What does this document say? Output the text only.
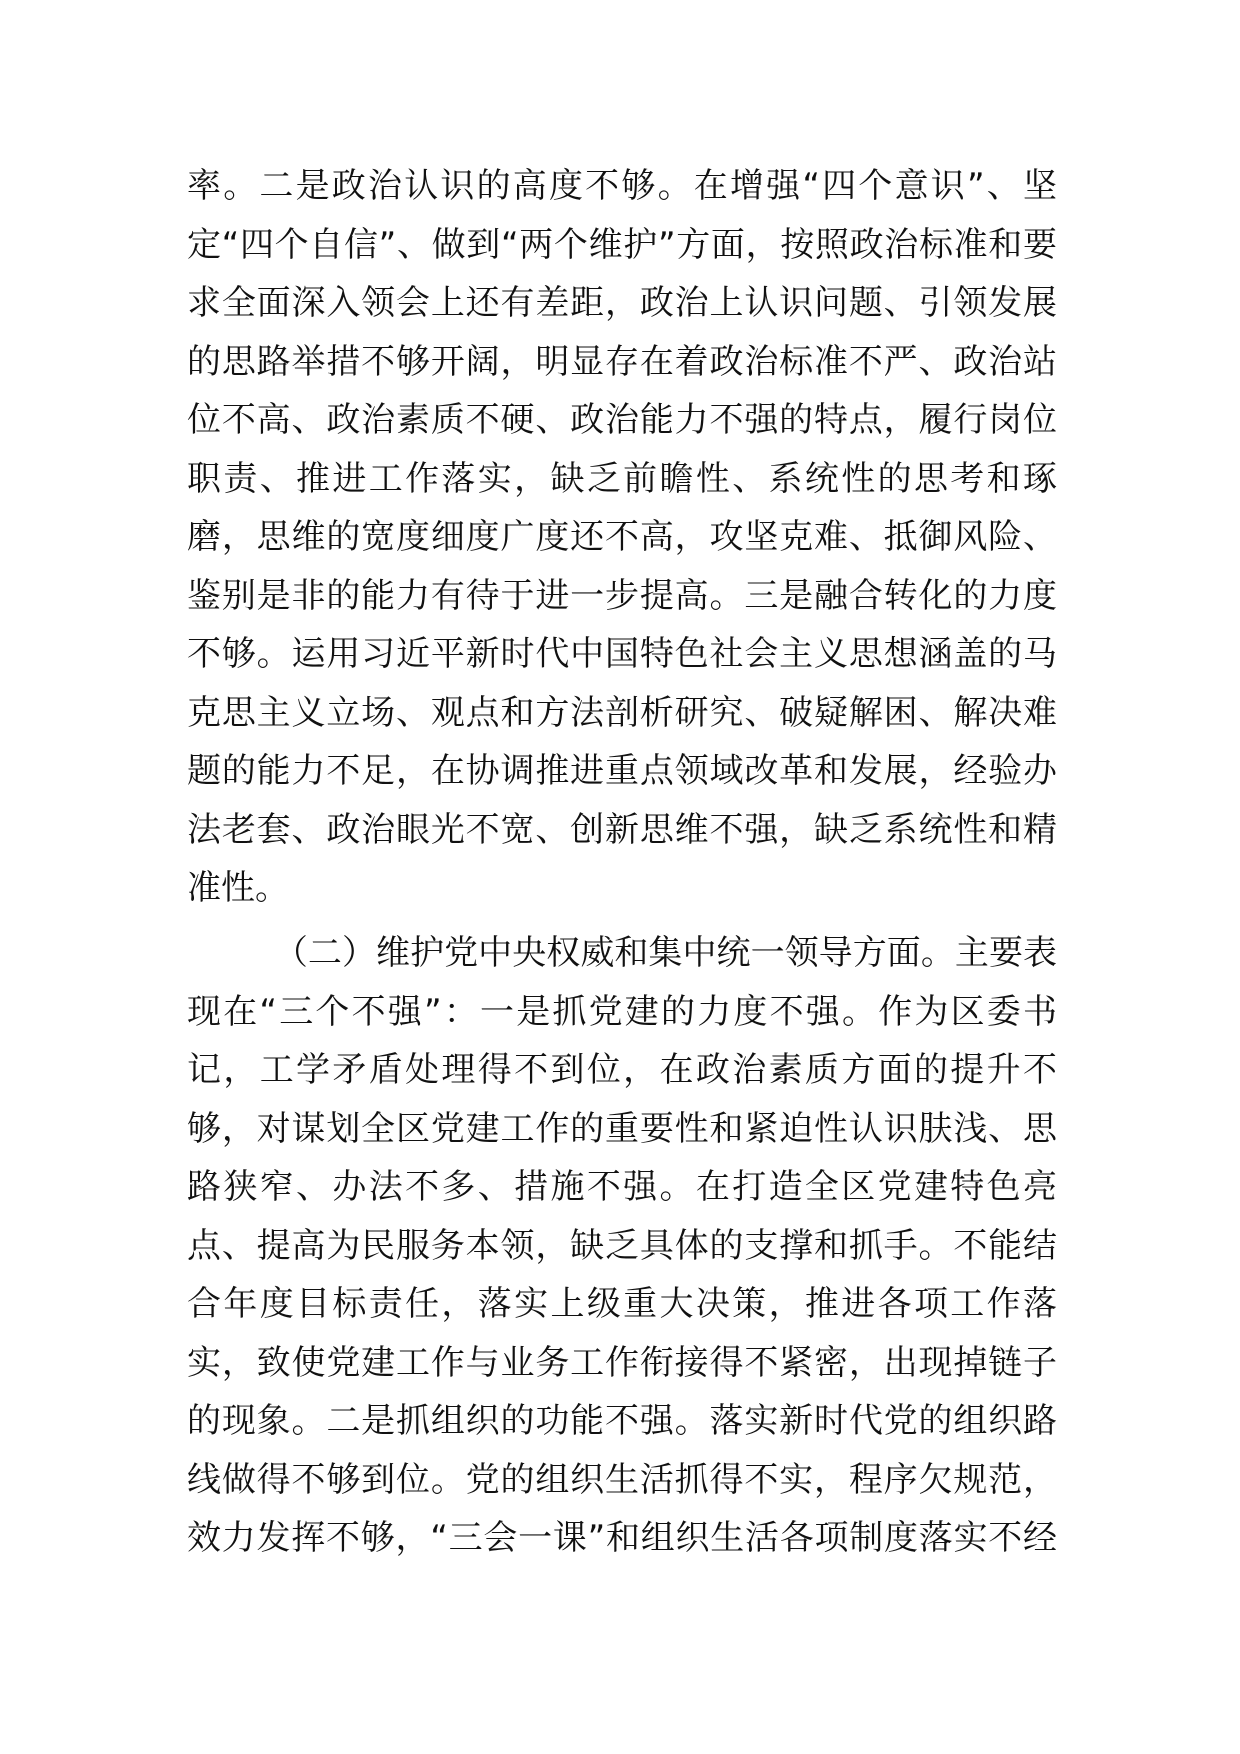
率。二是政治认识的高度不够。在增强“四个意识”、坚
定“四个自信”、做到“两个维护”方面，按照政治标准和要
求全面深入领会上还有差距，政治上认识问题、引领发展
的思路举措不够开阔，明显存在着政治标准不严、政治站
位不高、政治素质不硬、政治能力不强的特点，履行岗位
职责、推进工作落实，缺乏前瞻性、系统性的思考和琢
磨，思维的宽度细度广度还不高，攻坚克难、抵御风险、
鉴别是非的能力有待于进一步提高。三是融合转化的力度
不够。运用习近平新时代中国特色社会主义思想涵盖的马
克思主义立场、观点和方法剖析研究、破疑解困、解决难
题的能力不足，在协调推进重点领域改革和发展，经验办
法老套、政治眼光不宽、创新思维不强，缺乏系统性和精
准性。
（二）维护党中央权威和集中统一领导方面。主要表
现在“三个不强”：一是抓党建的力度不强。作为区委书
记，工学矛盾处理得不到位，在政治素质方面的提升不
够，对谋划全区党建工作的重要性和紧迫性认识肤浅、思
路狭窄、办法不多、措施不强。在打造全区党建特色亮
点、提高为民服务本领，缺乏具体的支撑和抓手。不能结
合年度目标责任，落实上级重大决策，推进各项工作落
实，致使党建工作与业务工作衔接得不紧密，出现掉链子
的现象。二是抓组织的功能不强。落实新时代党的组织路
线做得不够到位。党的组织生活抓得不实，程序欠规范，
效力发挥不够，“三会一课”和组织生活各项制度落实不经
